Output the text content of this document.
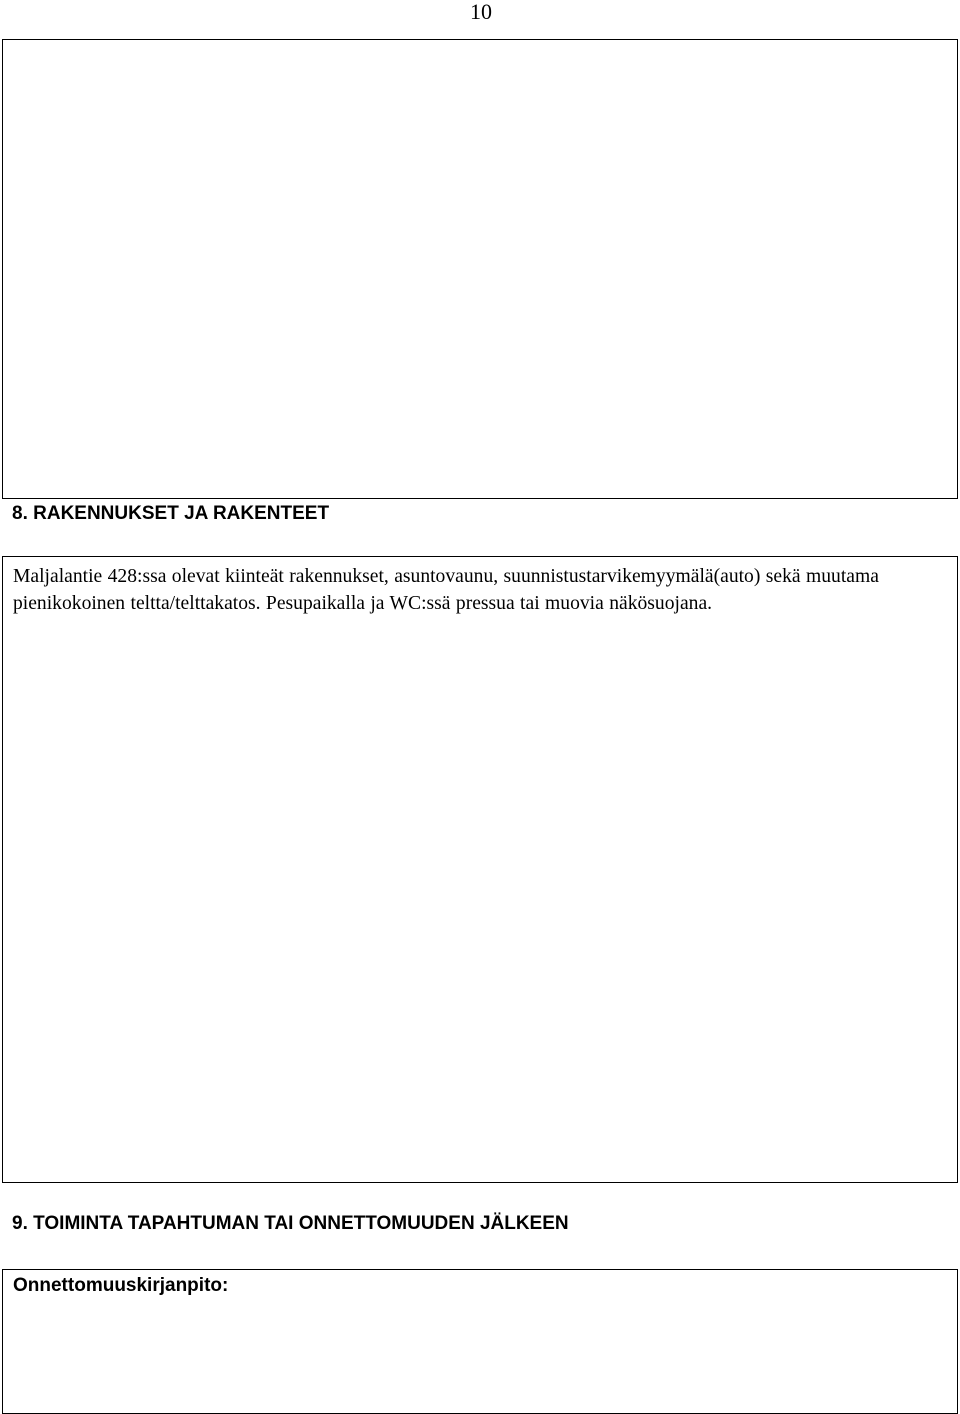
10
8. RAKENNUKSET JA RAKENTEET

Maljalantie 428:ssa olevat kiinteät rakennukset, asuntovaunu, suunnistustarvikemyymälä(auto) sekä muutama pienikokoinen teltta/telttakatos. Pesupaikalla ja WC:ssä pressua tai muovia näkösuojana.

9. TOIMINTA TAPAHTUMAN TAI ONNETTOMUUDEN JÄLKEEN

Onnettomuuskirjanpito:
